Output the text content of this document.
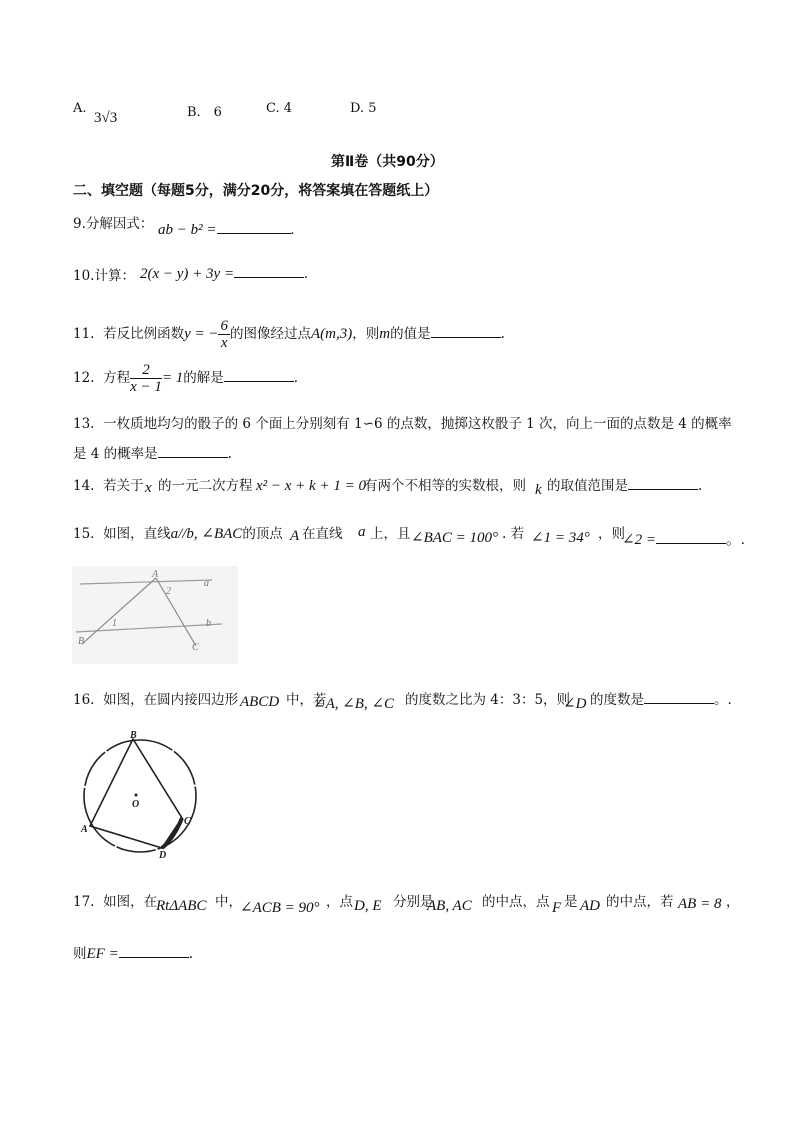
A.
3√3	B.　6	C. 4	D. 5
第Ⅱ卷（共90分）
二、填空题（每题5分，满分20分，将答案填在答题纸上）
9.分解因式： ab − b² =	.
10.计算： 2(x − y) + 3y =	.
11. 若反比例函数y = − $\frac{6}{x}$ 的图像经过点A(m,3)，则m的值是	.
12. 方程 $\frac{2}{x - 1} = 1$的解是	.
13. 一枚质地均匀的骰子的 6 个面上分别刻有 1∽6 的点数，抛掷这枚骰子 1 次，向上一面的点数是 4 的概率
是 4 的概率是	.
14. 若关于 x 的一元二次方程 x² − x + k + 1 = 0
有两个不相等的实数根，则 k 的取值范围是	.
15. 如图，直线a//b, ∠BAC的顶点 A 在直线 a 上，且 ∠BAC = 100° . 若 ∠1 = 34° ，则
∠2 =	。.
A
2
a
1	b
B
C
16. 如图，在圆内接四边形 ABCD 中，若
∠A, ∠B, ∠C 的度数之比为 4：3：5，则
∠D 的度数是	。.
B
O
A
C
D
17. 如图，在
RtΔABC 中，
∠ACB = 90° ，点 D, E 分别是
AB, AC 的中点，点 F 是 AD 的中点，若 AB = 8 ，
则EF =	.
